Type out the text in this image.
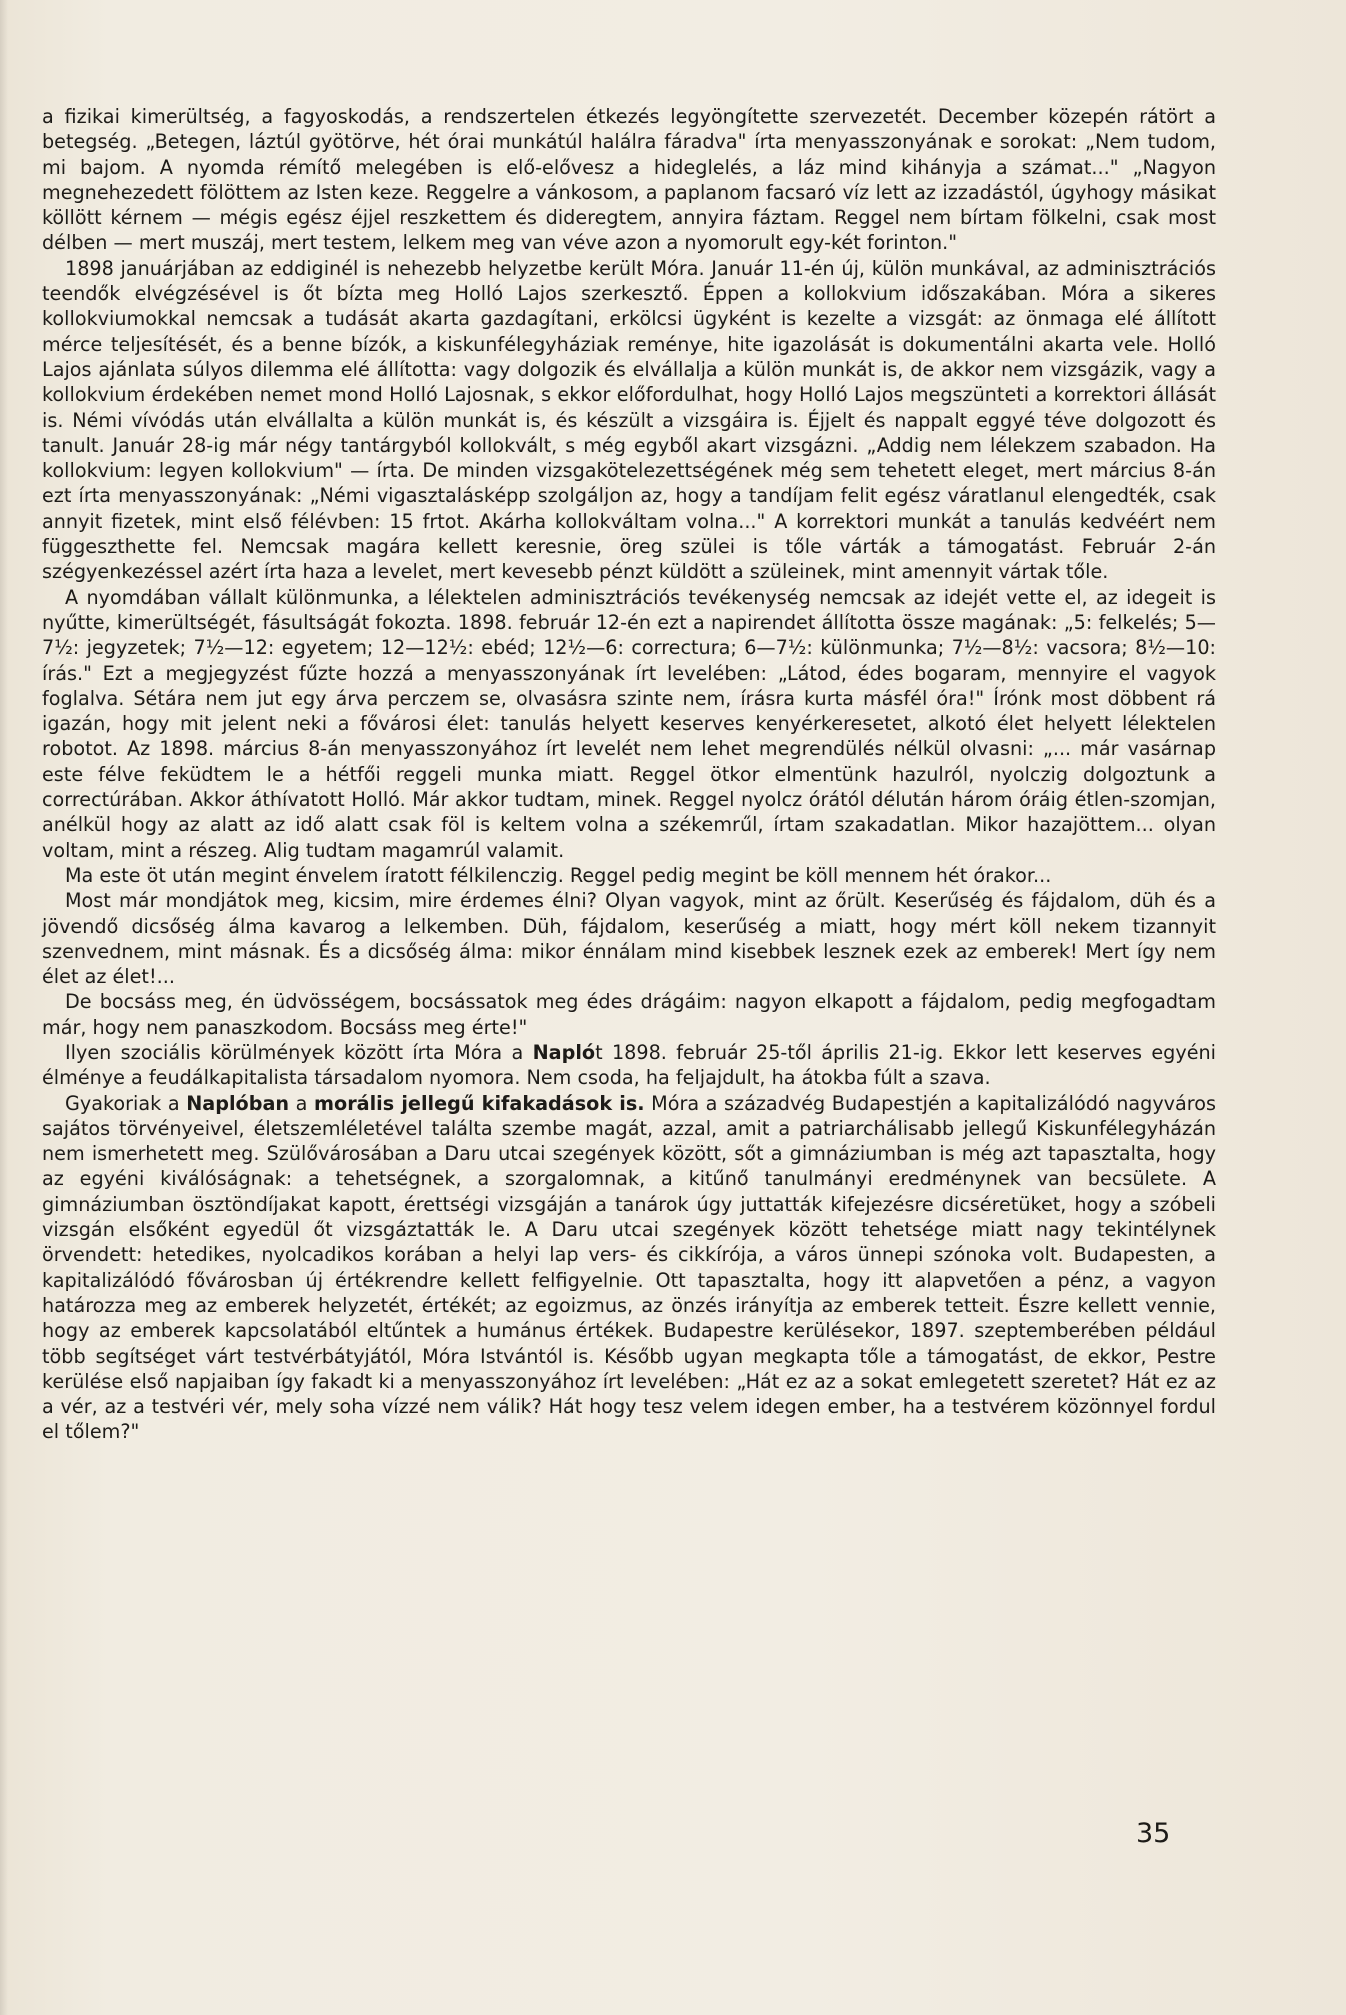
a fizikai kimerültség, a fagyoskodás, a rendszertelen étkezés legyöngítette szervezetét. December közepén rátört a betegség. „Betegen, láztúl gyötörve, hét órai munkátúl halálra fáradva" írta menyasszonyának e sorokat: „Nem tudom, mi bajom. A nyomda rémítő melegében is elő-elővesz a hideglelés, a láz mind kihányja a számat..." „Nagyon megnehezedett fölöttem az Isten keze. Reggelre a vánkosom, a paplanom facsaró víz lett az izzadástól, úgyhogy másikat köllött kérnem — mégis egész éjjel reszkettem és dideregtem, annyira fáztam. Reggel nem bírtam fölkelni, csak most délben — mert muszáj, mert testem, lelkem meg van véve azon a nyomorult egy-két forinton."

1898 januárjában az eddiginél is nehezebb helyzetbe került Móra. Január 11-én új, külön munkával, az adminisztrációs teendők elvégzésével is őt bízta meg Holló Lajos szerkesztő. Éppen a kollokvium időszakában. Móra a sikeres kollokviumokkal nemcsak a tudását akarta gazdagítani, erkölcsi ügyként is kezelte a vizsgát: az önmaga elé állított mérce teljesítését, és a benne bízók, a kiskunfélegyháziak reménye, hite igazolását is dokumentálni akarta vele. Holló Lajos ajánlata súlyos dilemma elé állította: vagy dolgozik és elvállalja a külön munkát is, de akkor nem vizsgázik, vagy a kollokvium érdekében nemet mond Holló Lajosnak, s ekkor előfordulhat, hogy Holló Lajos megszünteti a korrektori állását is. Némi vívódás után elvállalta a külön munkát is, és készült a vizsgáira is. Éjjelt és nappalt eggyé téve dolgozott és tanult. Január 28-ig már négy tantárgyból kollokvált, s még egyből akart vizsgázni. „Addig nem lélekzem szabadon. Ha kollokvium: legyen kollokvium" — írta. De minden vizsgakötelezettségének még sem tehetett eleget, mert március 8-án ezt írta menyasszonyának: „Némi vigasztalásképp szolgáljon az, hogy a tandíjam felit egész váratlanul elengedték, csak annyit fizetek, mint első félévben: 15 frtot. Akárha kollokváltam volna..." A korrektori munkát a tanulás kedvéért nem függeszthette fel. Nemcsak magára kellett keresnie, öreg szülei is tőle várták a támogatást. Február 2-án szégyenkezéssel azért írta haza a levelet, mert kevesebb pénzt küldött a szüleinek, mint amennyit vártak tőle.

A nyomdában vállalt különmunka, a lélektelen adminisztrációs tevékenység nemcsak az idejét vette el, az idegeit is nyűtte, kimerültségét, fásultságát fokozta. 1898. február 12-én ezt a napirendet állította össze magának: „5: felkelés; 5—7½: jegyzetek; 7½—12: egyetem; 12—12½: ebéd; 12½—6: correctura; 6—7½: különmunka; 7½—8½: vacsora; 8½—10: írás." Ezt a megjegyzést fűzte hozzá a menyasszonyának írt levelében: „Látod, édes bogaram, mennyire el vagyok foglalva. Sétára nem jut egy árva perczem se, olvasásra szinte nem, írásra kurta másfél óra!" Írónk most döbbent rá igazán, hogy mit jelent neki a fővárosi élet: tanulás helyett keserves kenyérkeresetet, alkotó élet helyett lélektelen robotot. Az 1898. március 8-án menyasszonyához írt levelét nem lehet megrendülés nélkül olvasni: „... már vasárnap este félve feküdtem le a hétfői reggeli munka miatt. Reggel ötkor elmentünk hazulról, nyolczig dolgoztunk a correctúrában. Akkor áthívatott Holló. Már akkor tudtam, minek. Reggel nyolcz órától délután három óráig étlen-szomjan, anélkül hogy az alatt az idő alatt csak föl is keltem volna a székemrűl, írtam szakadatlan. Mikor hazajöttem... olyan voltam, mint a részeg. Alig tudtam magamrúl valamit.

Ma este öt után megint énvelem íratott félkilenczig. Reggel pedig megint be köll mennem hét órakor...

Most már mondjátok meg, kicsim, mire érdemes élni? Olyan vagyok, mint az őrült. Keserűség és fájdalom, düh és a jövendő dicsőség álma kavarog a lelkemben. Düh, fájdalom, keserűség a miatt, hogy mért köll nekem tizannyit szenvednem, mint másnak. És a dicsőség álma: mikor énnálam mind kisebbek lesznek ezek az emberek! Mert így nem élet az élet!...

De bocsáss meg, én üdvösségem, bocsássatok meg édes drágáim: nagyon elkapott a fájdalom, pedig megfogadtam már, hogy nem panaszkodom. Bocsáss meg érte!"

Ilyen szociális körülmények között írta Móra a Naplót 1898. február 25-től április 21-ig. Ekkor lett keserves egyéni élménye a feudálkapitalista társadalom nyomora. Nem csoda, ha feljajdult, ha átokba fúlt a szava.

Gyakoriak a Naplóban a morális jellegű kifakadások is. Móra a századvég Budapestjén a kapitalizálódó nagyváros sajátos törvényeivel, életszemléletével találta szembe magát, azzal, amit a patriarchálisabb jellegű Kiskunfélegyházán nem ismerhetett meg. Szülővárosában a Daru utcai szegények között, sőt a gimnáziumban is még azt tapasztalta, hogy az egyéni kiválóságnak: a tehetségnek, a szorgalomnak, a kitűnő tanulmányi eredménynek van becsülete. A gimnáziumban ösztöndíjakat kapott, érettségi vizsgáján a tanárok úgy juttatták kifejezésre dicséretüket, hogy a szóbeli vizsgán elsőként egyedül őt vizsgáztatták le. A Daru utcai szegények között tehetsége miatt nagy tekintélynek örvendett: hetedikes, nyolcadikos korában a helyi lap vers- és cikkírója, a város ünnepi szónoka volt. Budapesten, a kapitalizálódó fővárosban új értékrendre kellett felfigyelnie. Ott tapasztalta, hogy itt alapvetően a pénz, a vagyon határozza meg az emberek helyzetét, értékét; az egoizmus, az önzés irányítja az emberek tetteit. Észre kellett vennie, hogy az emberek kapcsolatából eltűntek a humánus értékek. Budapestre kerülésekor, 1897. szeptemberében például több segítséget várt testvérbátyjától, Móra Istvántól is. Később ugyan megkapta tőle a támogatást, de ekkor, Pestre kerülése első napjaiban így fakadt ki a menyasszonyához írt levelében: „Hát ez az a sokat emlegetett szeretet? Hát ez az a vér, az a testvéri vér, mely soha vízzé nem válik? Hát hogy tesz velem idegen ember, ha a testvérem közönnyel fordul el tőlem?"

35
